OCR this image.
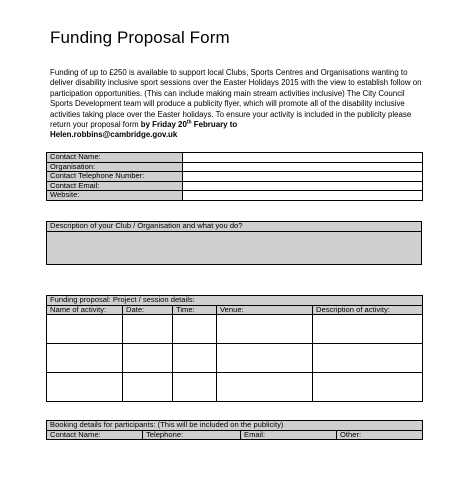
Funding Proposal Form

Funding of up to £250 is available to support local Clubs, Sports Centres and Organisations wanting to deliver disability inclusive sport sessions over the Easter Holidays 2015 with the view to establish follow on participation opportunities. (This can include making main stream activities inclusive) The City Council Sports Development team will produce a publicity flyer, which will promote all of the disability inclusive activities taking place over the Easter holidays. To ensure your activity is included in the publicity please return your proposal form by Friday 20th February to
Helen.robbins@cambridge.gov.uk

Contact Name:	
Organisation:	
Contact Telephone Number:	
Contact Email:	
Website:	
Description of your Club / Organisation and what you do?

Funding proposal: Project / session details:				
Name of activity:	Date:	Time:	Venue:	Description of activity:

Booking details for participants: (This will be included on the publicity)
Contact Name:	Telephone:	Email:	Other:
